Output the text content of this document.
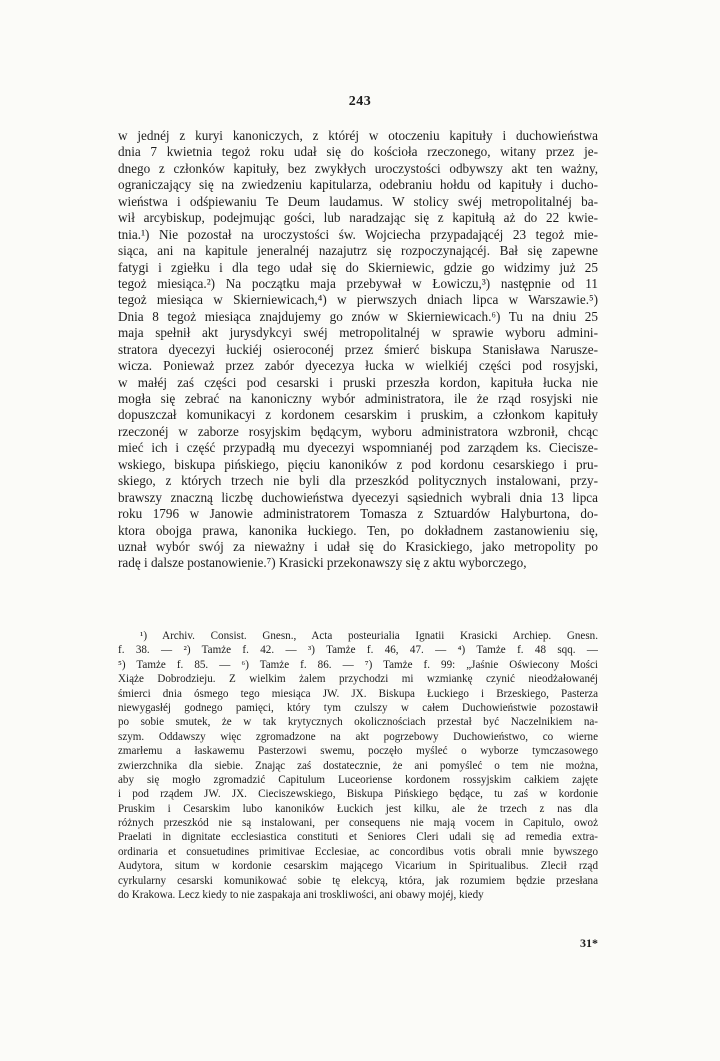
243
w jednéj z kuryi kanoniczych, z któréj w otoczeniu kapituły i duchowieństwa
dnia 7 kwietnia tegoż roku udał się do kościoła rzeczonego, witany przez je-
dnego z członków kapituły, bez zwykłych uroczystości odbywszy akt ten ważny,
ograniczający się na zwiedzeniu kapitularza, odebraniu hołdu od kapituły i ducho-
wieństwa i odśpiewaniu Te Deum laudamus. W stolicy swéj metropolitalnéj ba-
wił arcybiskup, podejmując gości, lub naradzając się z kapitułą aż do 22 kwie-
tnia.¹) Nie pozostał na uroczystości św. Wojciecha przypadającéj 23 tegoż mie-
siąca, ani na kapitule jeneralnéj nazajutrz się rozpoczynającéj. Bał się zapewne
fatygi i zgiełku i dla tego udał się do Skierniewic, gdzie go widzimy już 25
tegoż miesiąca.²) Na początku maja przebywał w Łowiczu,³) następnie od 11
tegoż miesiąca w Skierniewicach,⁴) w pierwszych dniach lipca w Warszawie.⁵)
Dnia 8 tegoż miesiąca znajdujemy go znów w Skierniewicach.⁶) Tu na dniu 25
maja spełnił akt jurysdykcyi swéj metropolitalnéj w sprawie wyboru admini-
stratora dyecezyi łuckiéj osieroconéj przez śmierć biskupa Stanisława Narusze-
wicza. Ponieważ przez zabór dyecezya łucka w wielkiéj części pod rosyjski,
w małéj zaś części pod cesarski i pruski przeszła kordon, kapituła łucka nie
mogła się zebrać na kanoniczny wybór administratora, ile że rząd rosyjski nie
dopuszczał komunikacyi z kordonem cesarskim i pruskim, a członkom kapituły
rzeczonéj w zaborze rosyjskim będącym, wyboru administratora wzbronił, chcąc
mieć ich i część przypadłą mu dyecezyi wspomnianéj pod zarządem ks. Ciecisze-
wskiego, biskupa pińskiego, pięciu kanoników z pod kordonu cesarskiego i pru-
skiego, z których trzech nie byli dla przeszkód politycznych instalowani, przy-
brawszy znaczną liczbę duchowieństwa dyecezyi sąsiednich wybrali dnia 13 lipca
roku 1796 w Janowie administratorem Tomasza z Sztuardów Halyburtona, do-
ktora obojga prawa, kanonika łuckiego. Ten, po dokładnem zastanowieniu się,
uznał wybór swój za nieważny i udał się do Krasickiego, jako metropolity po
radę i dalsze postanowienie.⁷) Krasicki przekonawszy się z aktu wyborczego,
¹) Archiv. Consist. Gnesn., Acta posteurialia Ignatii Krasicki Archiep. Gnesn.
f. 38. — ²) Tamże f. 42. — ³) Tamże f. 46, 47. — ⁴) Tamże f. 48 sqq. —
⁵) Tamże f. 85. — ⁶) Tamże f. 86. — ⁷) Tamże f. 99: „Jaśnie Oświecony Mości
Xiąże Dobrodzieju. Z wielkim żalem przychodzi mi wzmiankę czynić nieodżałowanéj
śmierci dnia ósmego tego miesiąca JW. JX. Biskupa Łuckiego i Brzeskiego, Pasterza
niewygasłéj godnego pamięci, który tym czulszy w całem Duchowieństwie pozostawił
po sobie smutek, że w tak krytycznych okolicznościach przestał być Naczelnikiem na-
szym. Oddawszy więc zgromadzone na akt pogrzebowy Duchowieństwo, co wierne
zmarłemu a łaskawemu Pasterzowi swemu, poczęło myśleć o wyborze tymczasowego
zwierzchnika dla siebie. Znając zaś dostatecznie, że ani pomyśleć o tem nie można,
aby się mogło zgromadzić Capitulum Luceoriense kordonem rossyjskim całkiem zajęte
i pod rządem JW. JX. Cieciszewskiego, Biskupa Pińskiego będące, tu zaś w kordonie
Pruskim i Cesarskim lubo kanoników Łuckich jest kilku, ale że trzech z nas dla
różnych przeszkód nie są instalowani, per consequens nie mają vocem in Capitulo, owoż
Praelati in dignitate ecclesiastica constituti et Seniores Cleri udali się ad remedia extra-
ordinaria et consuetudines primitivae Ecclesiae, ac concordibus votis obrali mnie bywszego
Audytora, situm w kordonie cesarskim mającego Vicarium in Spiritualibus. Zlecił rząd
cyrkularny cesarski komunikować sobie tę elekcyą, która, jak rozumiem będzie przesłana
do Krakowa. Lecz kiedy to nie zaspakaja ani troskliwości, ani obawy mojéj, kiedy
31*
